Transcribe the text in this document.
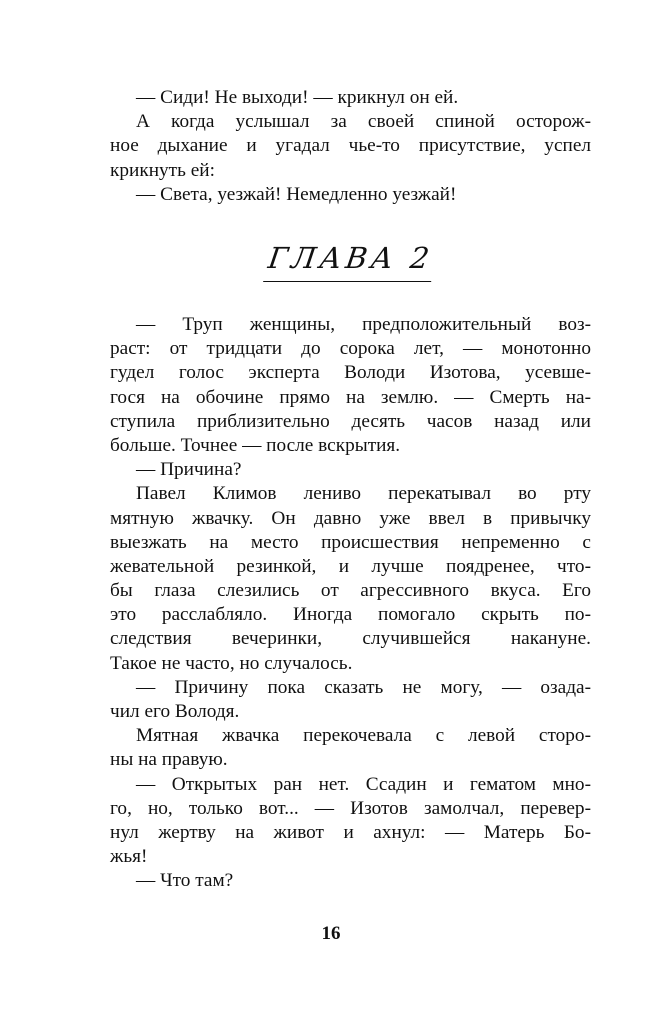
— Сиди! Не выходи! — крикнул он ей.
А когда услышал за своей спиной осторож-
ное дыхание и угадал чье-то присутствие, успел
крикнуть ей:
— Света, уезжай! Немедленно уезжай!
ГЛАВА 2
— Труп женщины, предположительный воз-
раст: от тридцати до сорока лет, — монотонно
гудел голос эксперта Володи Изотова, усевше-
гося на обочине прямо на землю. — Смерть на-
ступила приблизительно десять часов назад или
больше. Точнее — после вскрытия.
— Причина?
Павел Климов лениво перекатывал во рту
мятную жвачку. Он давно уже ввел в привычку
выезжать на место происшествия непременно с
жевательной резинкой, и лучше поядренее, что-
бы глаза слезились от агрессивного вкуса. Его
это расслабляло. Иногда помогало скрыть по-
следствия вечеринки, случившейся накануне.
Такое не часто, но случалось.
— Причину пока сказать не могу, — озада-
чил его Володя.
Мятная жвачка перекочевала с левой сторо-
ны на правую.
— Открытых ран нет. Ссадин и гематом мно-
го, но, только вот... — Изотов замолчал, перевер-
нул жертву на живот и ахнул: — Матерь Бо-
жья!
— Что там?
16
